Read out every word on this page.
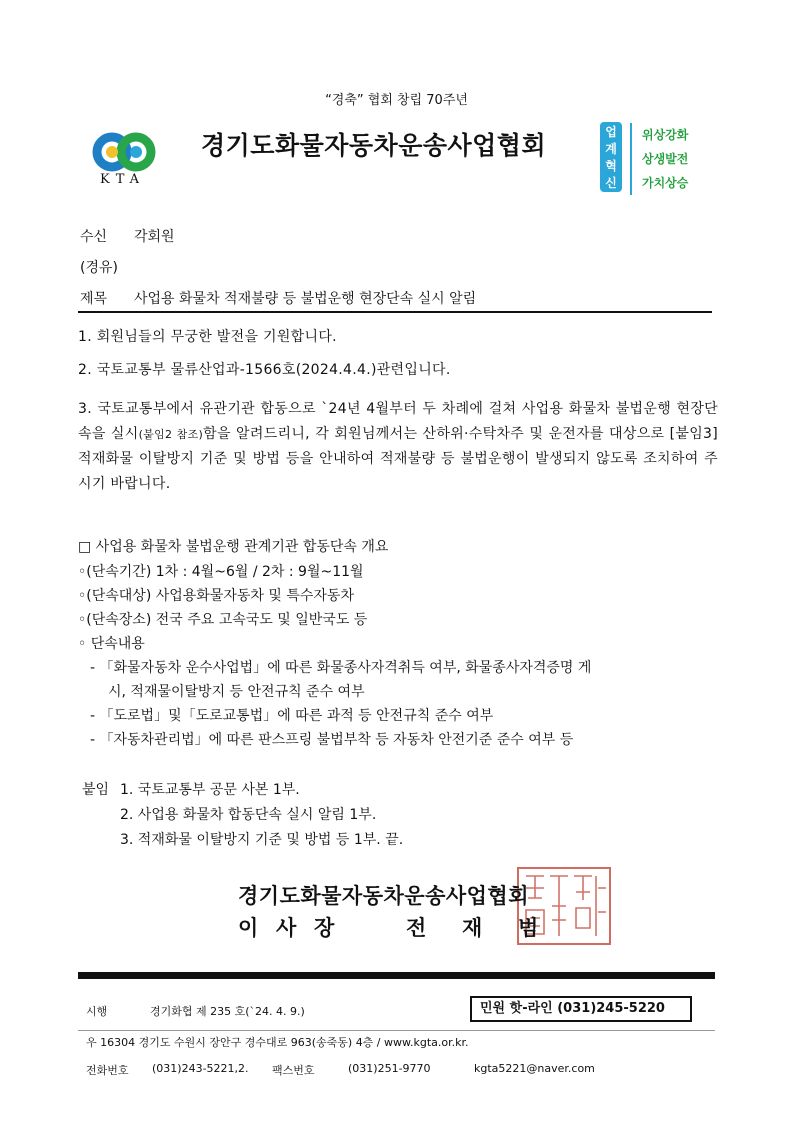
“경축” 협회 창립 70주년
KTA
경기도화물자동차운송사업협회	업
계
혁
신
위상강화
상생발전
가치상승
수신 각회원
(경유)
제목 사업용 화물차 적재불량 등 불법운행 현장단속 실시 알림
1. 회원님들의 무궁한 발전을 기원합니다.
2. 국토교통부 물류산업과-1566호(2024.4.4.)관련입니다.
3. 국토교통부에서 유관기관 합동으로 `24년 4월부터 두 차례에 걸쳐 사업용 화물차 불법운행 현장단속을 실시(붙임2 참조)함을 알려드리니, 각 회원님께서는 산하위·수탁차주 및 운전자를 대상으로 [붙임3] 적재화물 이탈방지 기준 및 방법 등을 안내하여 적재불량 등 불법운행이 발생되지 않도록 조치하여 주시기 바랍니다.
□ 사업용 화물차 불법운행 관계기관 합동단속 개요
◦(단속기간) 1차 : 4월~6월 / 2차 : 9월~11월
◦(단속대상) 사업용화물자동차 및 특수자동차
◦(단속장소) 전국 주요 고속국도 및 일반국도 등
◦ 단속내용
- 「화물자동차 운수사업법」에 따른 화물종사자격취득 여부, 화물종사자격증명 게
시, 적재물이탈방지 등 안전규칙 준수 여부
- 「도로법」및「도로교통법」에 따른 과적 등 안전규칙 준수 여부
- 「자동차관리법」에 따른 판스프링 불법부착 등 자동차 안전기준 준수 여부 등
붙임 1. 국토교통부 공문 사본 1부.
2. 사업용 화물차 합동단속 실시 알림 1부.
3. 적재화물 이탈방지 기준 및 방법 등 1부. 끝.
경기도화물자동차운송사업협회
이 사 장	전 재 범
시행	경기화협 제 235 호(`24. 4. 9.)	민원 핫-라인 (031)245-5220
우 16304 경기도 수원시 장안구 경수대로 963(송죽동) 4층 / www.kgta.or.kr.
전화번호 (031)243-5221,2. 팩스번호	(031)251-9770	kgta5221@naver.com
